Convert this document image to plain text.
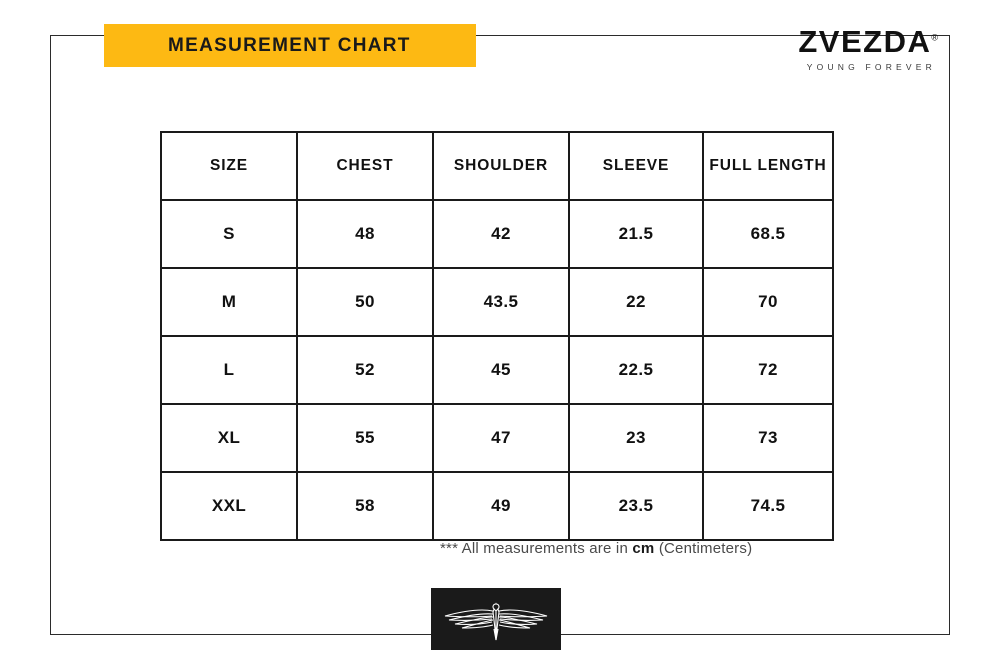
MEASUREMENT CHART	ZVEZDA®
YOUNG FOREVER
SIZE	CHEST	SHOULDER	SLEEVE	FULL LENGTH
S	48	42	21.5	68.5
M	50	43.5	22	70
L	52	45	22.5	72
XL	55	47	23	73
XXL	58	49	23.5	74.5
*** All measurements are in cm (Centimeters)
